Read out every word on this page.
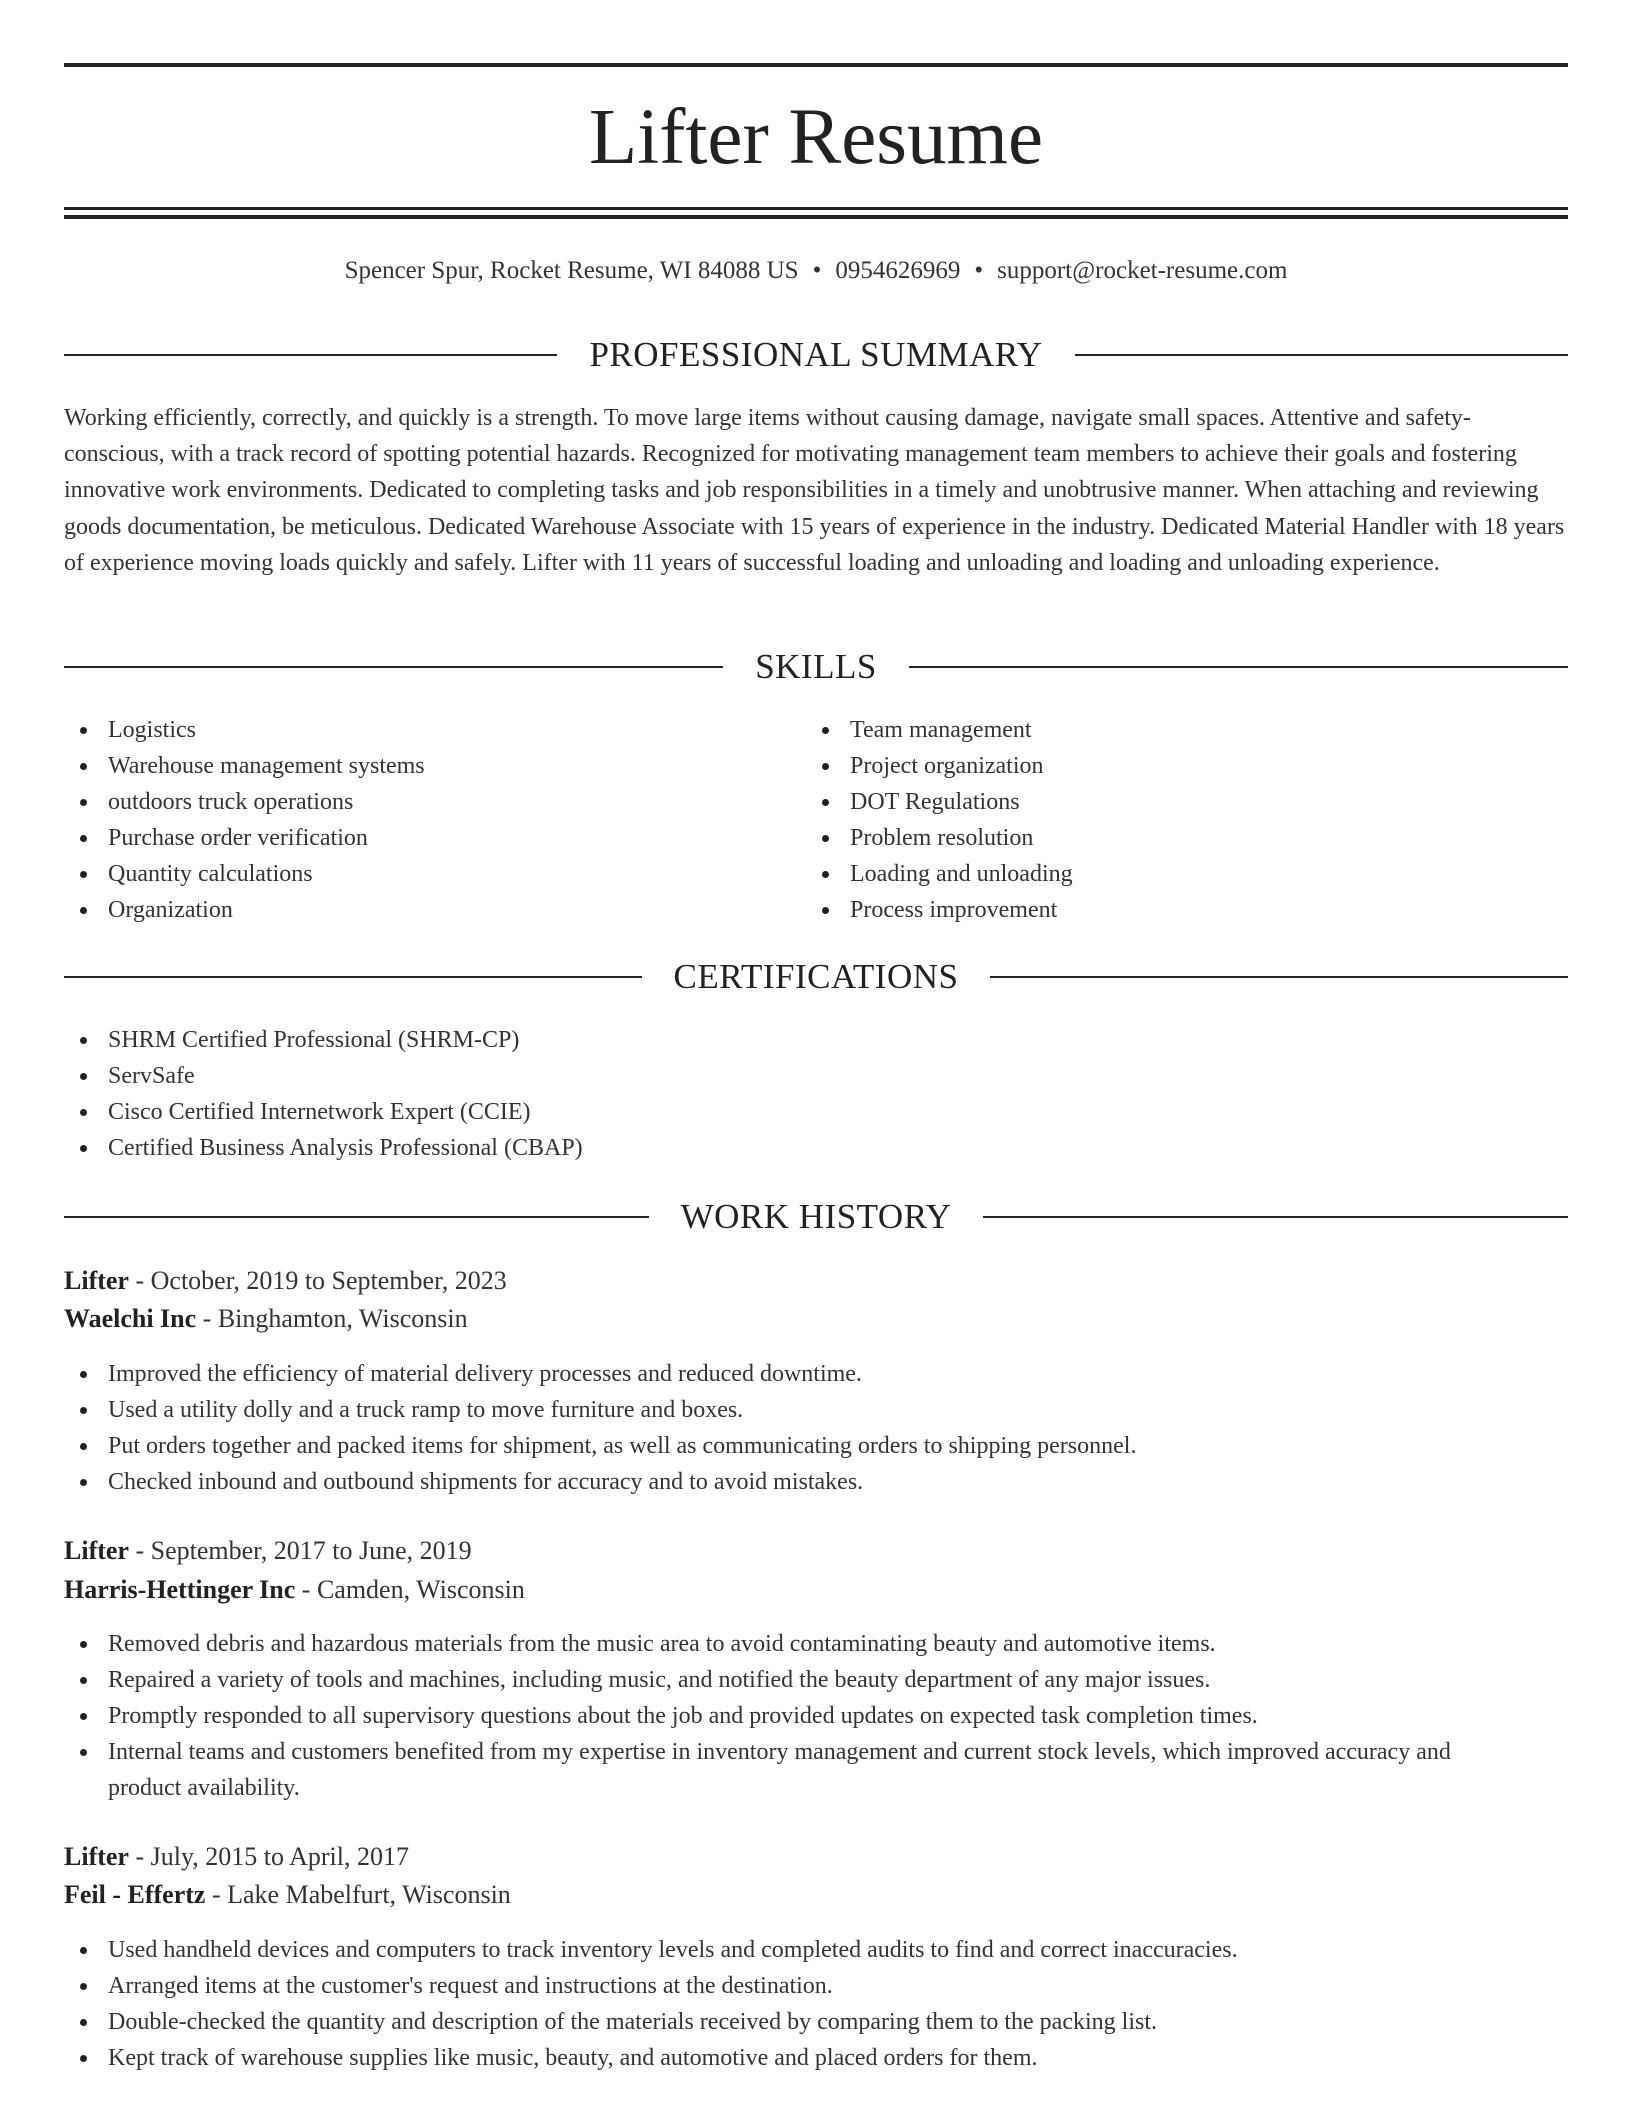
Lifter Resume
Spencer Spur, Rocket Resume, WI 84088 US • 0954626969 • support@rocket-resume.com
PROFESSIONAL SUMMARY

Working efficiently, correctly, and quickly is a strength. To move large items without causing damage, navigate small spaces. Attentive and safety-conscious, with a track record of spotting potential hazards. Recognized for motivating management team members to achieve their goals and fostering innovative work environments. Dedicated to completing tasks and job responsibilities in a timely and unobtrusive manner. When attaching and reviewing goods documentation, be meticulous. Dedicated Warehouse Associate with 15 years of experience in the industry. Dedicated Material Handler with 18 years of experience moving loads quickly and safely. Lifter with 11 years of successful loading and unloading and loading and unloading experience.

SKILLS
Logistics
Warehouse management systems
outdoors truck operations
Purchase order verification
Quantity calculations
Organization
Team management
Project organization
DOT Regulations
Problem resolution
Loading and unloading
Process improvement
CERTIFICATIONS
SHRM Certified Professional (SHRM-CP)
ServSafe
Cisco Certified Internetwork Expert (CCIE)
Certified Business Analysis Professional (CBAP)
WORK HISTORY
Lifter - October, 2019 to September, 2023
Waelchi Inc - Binghamton, Wisconsin
Improved the efficiency of material delivery processes and reduced downtime.
Used a utility dolly and a truck ramp to move furniture and boxes.
Put orders together and packed items for shipment, as well as communicating orders to shipping personnel.
Checked inbound and outbound shipments for accuracy and to avoid mistakes.
Lifter - September, 2017 to June, 2019
Harris-Hettinger Inc - Camden, Wisconsin
Removed debris and hazardous materials from the music area to avoid contaminating beauty and automotive items.
Repaired a variety of tools and machines, including music, and notified the beauty department of any major issues.
Promptly responded to all supervisory questions about the job and provided updates on expected task completion times.
Internal teams and customers benefited from my expertise in inventory management and current stock levels, which improved accuracy and product availability.
Lifter - July, 2015 to April, 2017
Feil - Effertz - Lake Mabelfurt, Wisconsin
Used handheld devices and computers to track inventory levels and completed audits to find and correct inaccuracies.
Arranged items at the customer's request and instructions at the destination.
Double-checked the quantity and description of the materials received by comparing them to the packing list.
Kept track of warehouse supplies like music, beauty, and automotive and placed orders for them.
